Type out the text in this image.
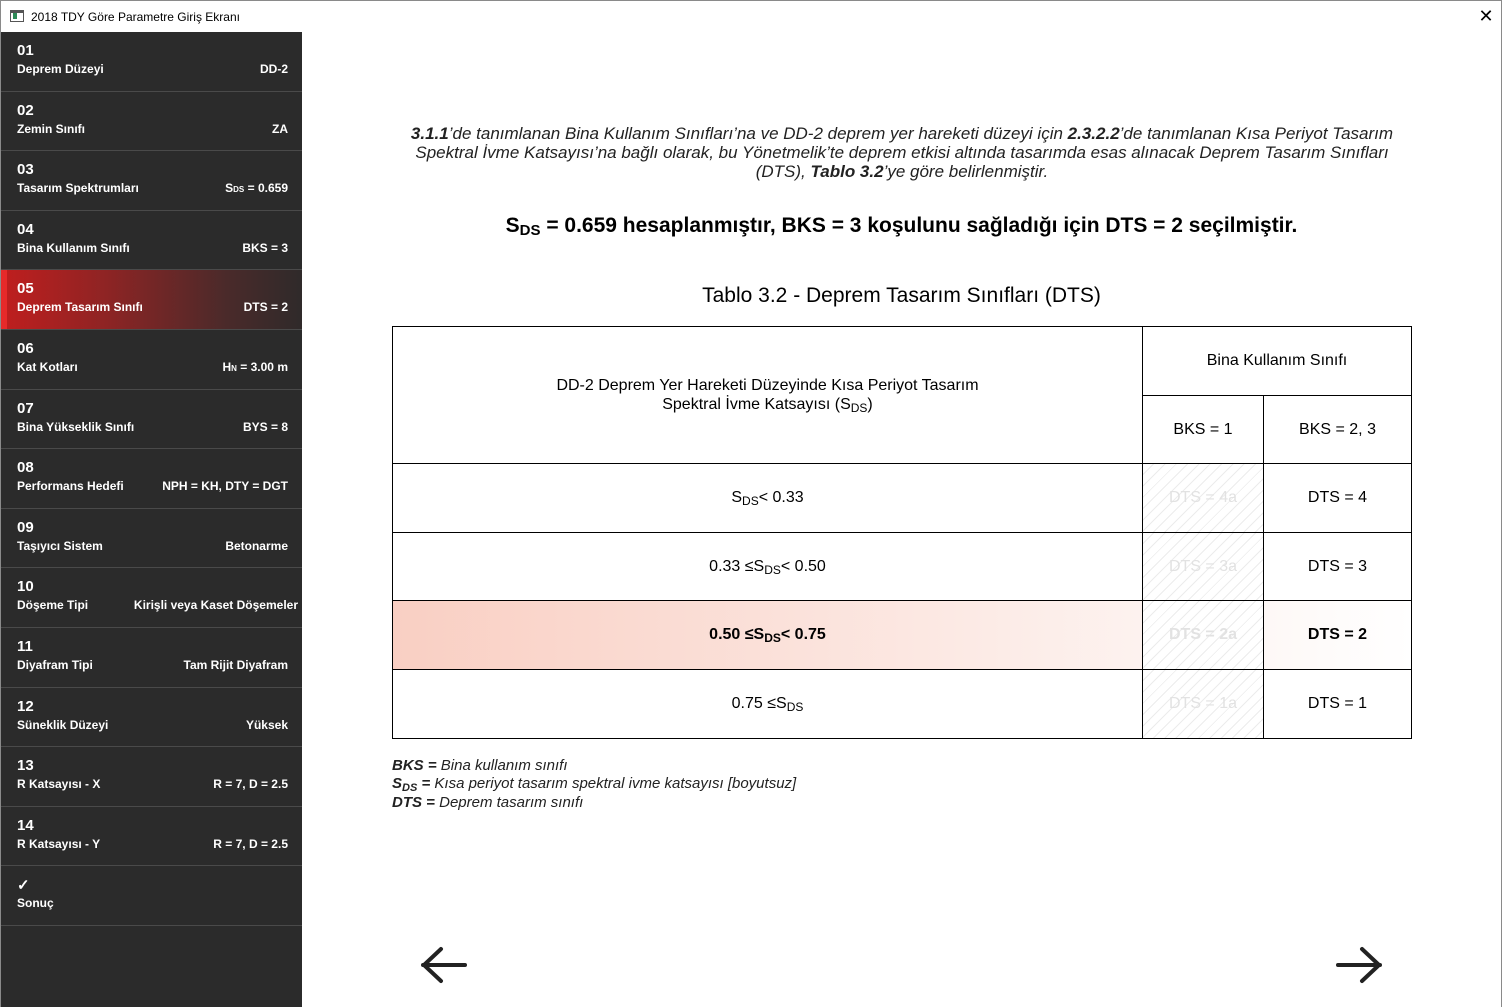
2018 TDY Göre Parametre Giriş Ekranı	✕
01
Deprem Düzeyi	DD-2
02
Zemin Sınıfı	ZA
03
Tasarım Spektrumları	SDS = 0.659
04
Bina Kullanım Sınıfı	BKS = 3
05
Deprem Tasarım Sınıfı	DTS = 2
06
Kat Kotları	HN = 3.00 m
07
Bina Yükseklik Sınıfı	BYS = 8
08
Performans Hedefi	NPH = KH, DTY = DGT
09
Taşıyıcı Sistem	Betonarme
10
Döşeme Tipi	Kirişli veya Kaset Döşemeler
11
Diyafram Tipi	Tam Rijit Diyafram
12
Süneklik Düzeyi	Yüksek
13
R Katsayısı - X	R = 7, D = 2.5
14
R Katsayısı - Y	R = 7, D = 2.5
✓
Sonuç
3.1.1’de tanımlanan Bina Kullanım Sınıfları’na ve DD-2 deprem yer hareketi düzeyi için 2.3.2.2’de tanımlanan Kısa Periyot Tasarım Spektral İvme Katsayısı’na bağlı olarak, bu Yönetmelik’te deprem etkisi altında tasarımda esas alınacak Deprem Tasarım Sınıfları (DTS), Tablo 3.2’ye göre belirlenmiştir.
SDS = 0.659 hesaplanmıştır, BKS = 3 koşulunu sağladığı için DTS = 2 seçilmiştir.
Tablo 3.2 - Deprem Tasarım Sınıfları (DTS)
DD-2 Deprem Yer Hareketi Düzeyinde Kısa Periyot Tasarım
Spektral İvme Katsayısı (SDS)
Bina Kullanım Sınıfı
BKS = 1	BKS = 2, 3
S DS < 0.33	DTS = 4a	DTS = 4
0.33 ≤ S DS < 0.50	DTS = 3a	DTS = 3
0.50 ≤ S DS < 0.75	DTS = 2a	DTS = 2
0.75 ≤ S DS	DTS = 1a	DTS = 1
BKS = Bina kullanım sınıfı
$S_{DS}$ = Kısa periyot tasarım spektral ivme katsayısı [boyutsuz]
DTS = Deprem tasarım sınıfı
